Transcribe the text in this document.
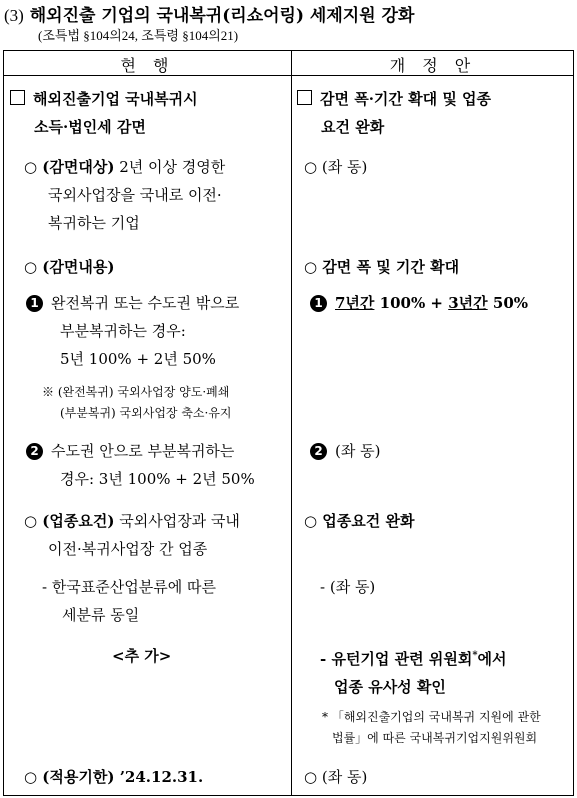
(3) 해외진출 기업의 국내복귀(리쇼어링) 세제지원 강화
(조특법 §104의24, 조특령 §104의21)
현 행	개 정 안
해외진출기업 국내복귀시
소득·법인세 감면
○ (감면대상) 2년 이상 경영한
국외사업장을 국내로 이전·
복귀하는 기업
○ (감면내용)
1 완전복귀 또는 수도권 밖으로
부분복귀하는 경우:
5년 100% + 2년 50%
※ (완전복귀) 국외사업장 양도·폐쇄
(부분복귀) 국외사업장 축소·유지
2 수도권 안으로 부분복귀하는
경우: 3년 100% + 2년 50%
○ (업종요건) 국외사업장과 국내
이전·복귀사업장 간 업종
- 한국표준산업분류에 따른
세분류 동일
<추 가>
○ (적용기한) ’24.12.31.
감면 폭·기간 확대 및 업종
요건 완화
○ (좌 동)
○ 감면 폭 및 기간 확대
1 7년간 100% + 3년간 50%
2 (좌 동)
○ 업종요건 완화
- (좌 동)
- 유턴기업 관련 위원회*에서
업종 유사성 확인
* 「해외진출기업의 국내복귀 지원에 관한
법률」에 따른 국내복귀기업지원위원회
○ (좌 동)
